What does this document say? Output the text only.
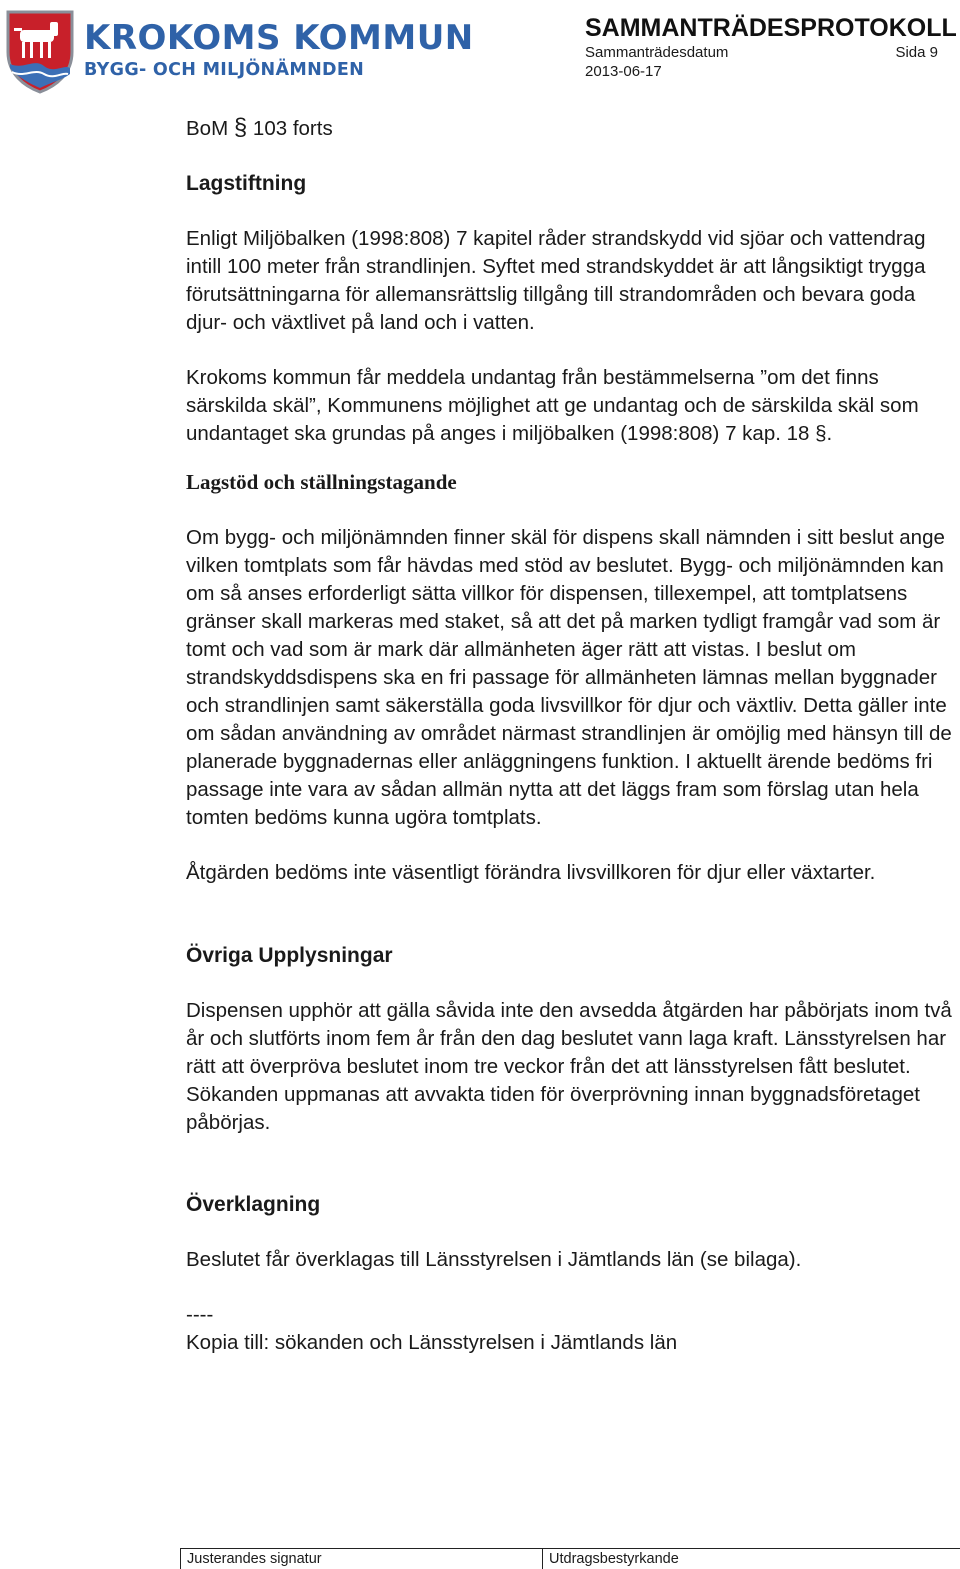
KROKOMS KOMMUN
BYGG- OCH MILJÖNÄMNDEN
SAMMANTRÄDESPROTOKOLL
Sammanträdesdatum	Sida 9
2013-06-17

BoM § 103 forts

Lagstiftning

Enligt Miljöbalken (1998:808) 7 kapitel råder strandskydd vid sjöar och vattendrag intill 100 meter från strandlinjen. Syftet med strandskyddet är att långsiktigt trygga förutsättningarna för allemansrättslig tillgång till strandområden och bevara goda djur- och växtlivet på land och i vatten.

Krokoms kommun får meddela undantag från bestämmelserna ”om det finns särskilda skäl”, Kommunens möjlighet att ge undantag och de särskilda skäl som undantaget ska grundas på anges i miljöbalken (1998:808) 7 kap. 18 §.

Lagstöd och ställningstagande

Om bygg- och miljönämnden finner skäl för dispens skall nämnden i sitt beslut ange vilken tomtplats som får hävdas med stöd av beslutet. Bygg- och miljönämnden kan om så anses erforderligt sätta villkor för dispensen, tillexempel, att tomtplatsens gränser skall markeras med staket, så att det på marken tydligt framgår vad som är tomt och vad som är mark där allmänheten äger rätt att vistas. I beslut om strandskyddsdispens ska en fri passage för allmänheten lämnas mellan byggnader och strandlinjen samt säkerställa goda livsvillkor för djur och växtliv. Detta gäller inte om sådan användning av området närmast strandlinjen är omöjlig med hänsyn till de planerade byggnadernas eller anläggningens funktion. I aktuellt ärende bedöms fri passage inte vara av sådan allmän nytta att det läggs fram som förslag utan hela tomten bedöms kunna ugöra tomtplats.

Åtgärden bedöms inte väsentligt förändra livsvillkoren för djur eller växtarter.

Övriga Upplysningar

Dispensen upphör att gälla såvida inte den avsedda åtgärden har påbörjats inom två år och slutförts inom fem år från den dag beslutet vann laga kraft. Länsstyrelsen har rätt att överpröva beslutet inom tre veckor från det att länsstyrelsen fått beslutet. Sökanden uppmanas att avvakta tiden för överprövning innan byggnadsföretaget påbörjas.

Överklagning

Beslutet får överklagas till Länsstyrelsen i Jämtlands län (se bilaga).

----

Kopia till: sökanden och Länsstyrelsen i Jämtlands län

Justerandes signatur	Utdragsbestyrkande
